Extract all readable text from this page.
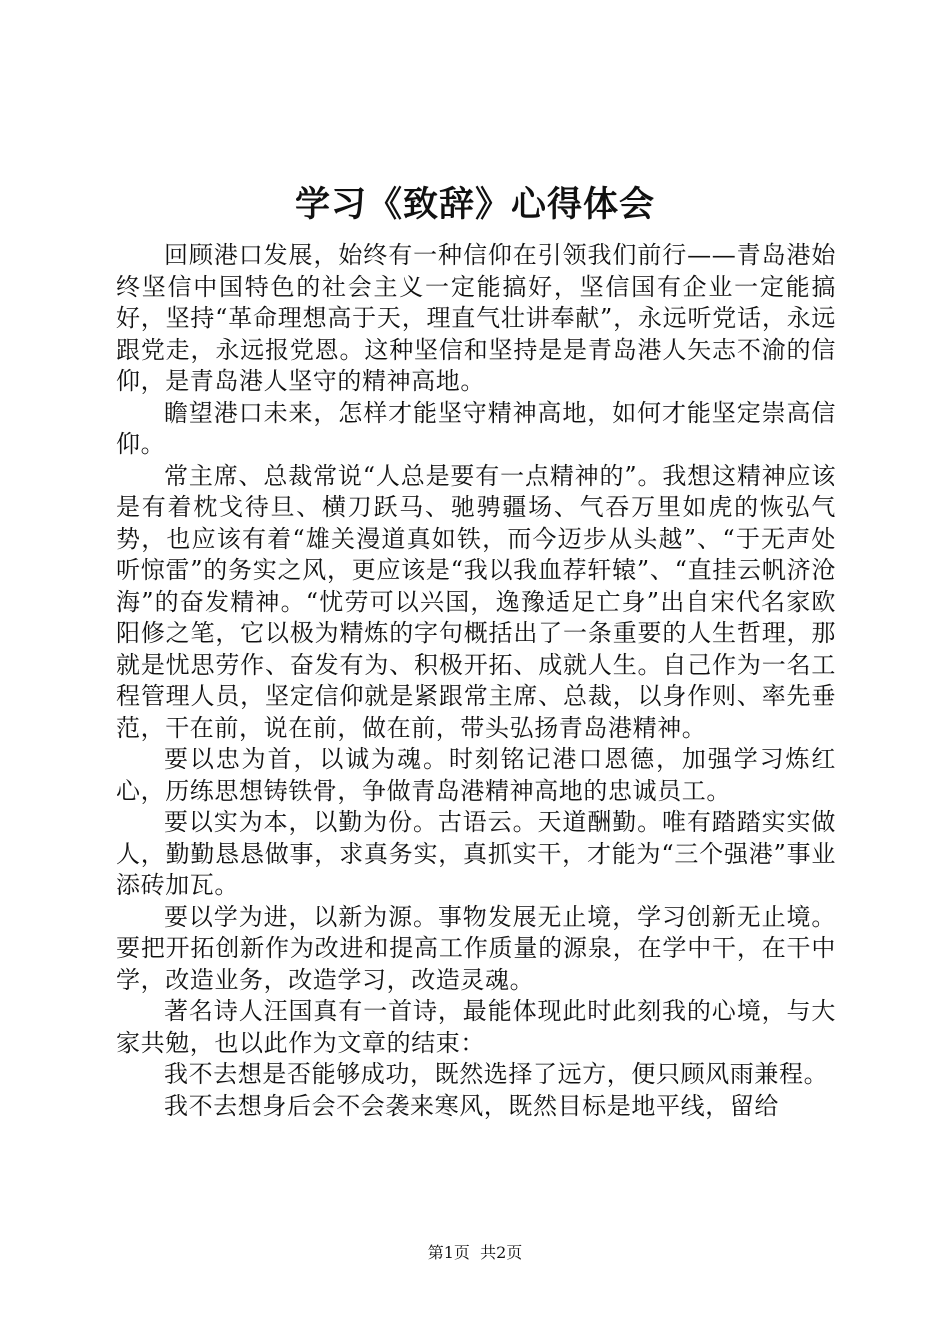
学习《致辞》心得体会

回顾港口发展，始终有一种信仰在引领我们前行——青岛港始终坚信中国特色的社会主义一定能搞好，坚信国有企业一定能搞好，坚持“革命理想高于天，理直气壮讲奉献”，永远听党话，永远跟党走，永远报党恩。这种坚信和坚持是是青岛港人矢志不渝的信仰，是青岛港人坚守的精神高地。

瞻望港口未来，怎样才能坚守精神高地，如何才能坚定崇高信仰。

常主席、总裁常说“人总是要有一点精神的”。我想这精神应该是有着枕戈待旦、横刀跃马、驰骋疆场、气吞万里如虎的恢弘气势，也应该有着“雄关漫道真如铁，而今迈步从头越”、“于无声处听惊雷”的务实之风，更应该是“我以我血荐轩辕”、“直挂云帆济沧海”的奋发精神。“忧劳可以兴国，逸豫适足亡身”出自宋代名家欧阳修之笔，它以极为精炼的字句概括出了一条重要的人生哲理，那就是忧思劳作、奋发有为、积极开拓、成就人生。自己作为一名工程管理人员，坚定信仰就是紧跟常主席、总裁，以身作则、率先垂范，干在前，说在前，做在前，带头弘扬青岛港精神。

要以忠为首，以诚为魂。时刻铭记港口恩德，加强学习炼红心，历练思想铸铁骨，争做青岛港精神高地的忠诚员工。

要以实为本，以勤为份。古语云。天道酬勤。唯有踏踏实实做人，勤勤恳恳做事，求真务实，真抓实干，才能为“三个强港”事业添砖加瓦。

要以学为进，以新为源。事物发展无止境，学习创新无止境。要把开拓创新作为改进和提高工作质量的源泉，在学中干，在干中学，改造业务，改造学习，改造灵魂。

著名诗人汪国真有一首诗，最能体现此时此刻我的心境，与大家共勉，也以此作为文章的结束：

我不去想是否能够成功，既然选择了远方，便只顾风雨兼程。

我不去想身后会不会袭来寒风，既然目标是地平线，留给

第1页 共2页
